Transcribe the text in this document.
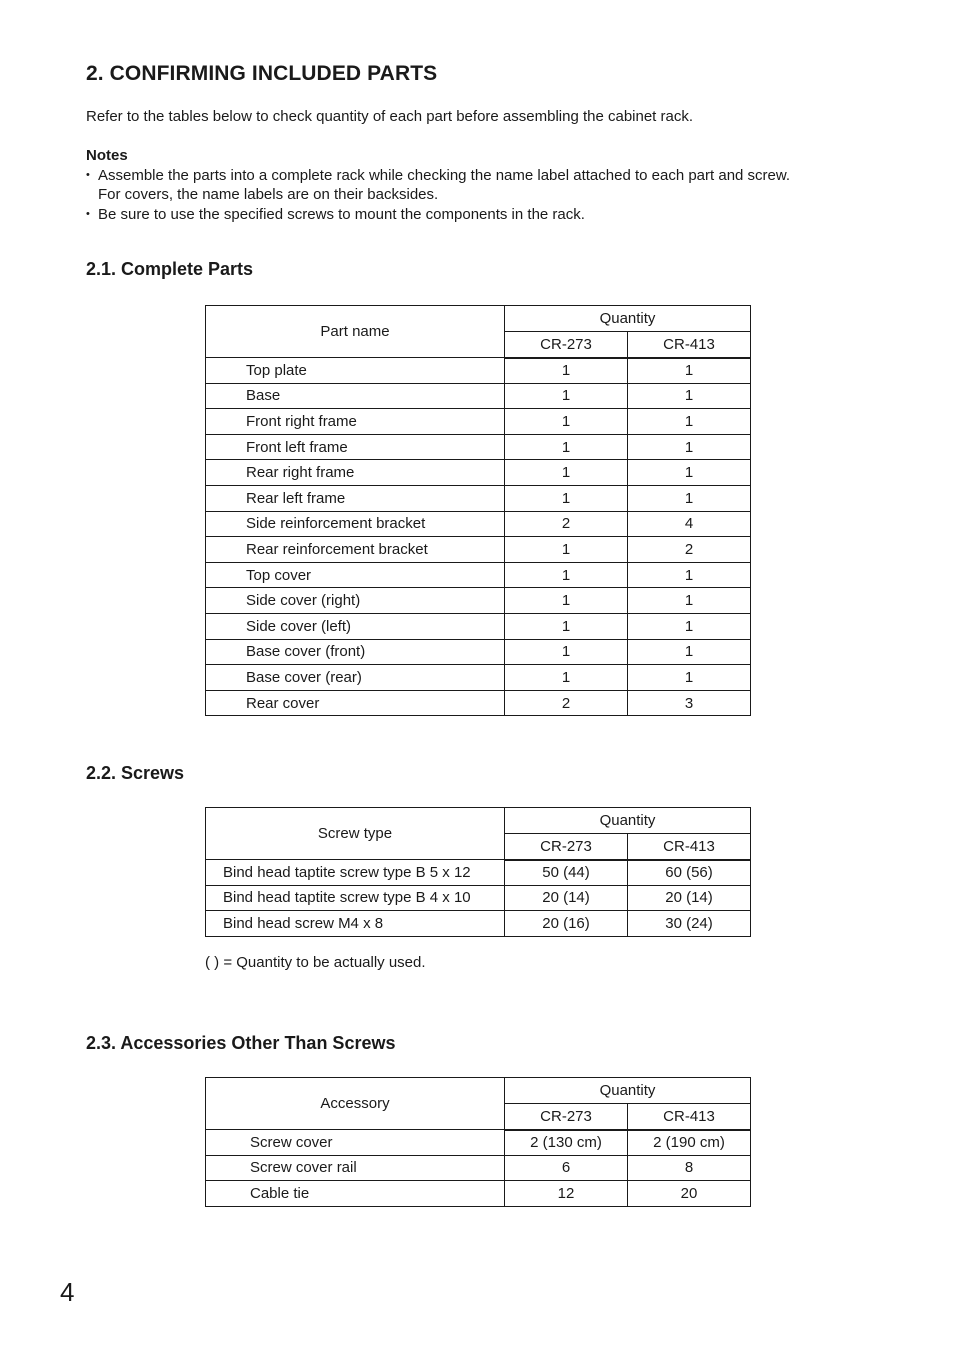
2. CONFIRMING INCLUDED PARTS

Refer to the tables below to check quantity of each part before assembling the cabinet rack.

Notes

• Assemble the parts into a complete rack while checking the name label attached to each part and screw.
For covers, the name labels are on their backsides.
• Be sure to use the specified screws to mount the components in the rack.
2.1. Complete Parts
Part name	Quantity	
	CR-273	CR-413
Top plate	1	1
Base	1	1
Front right frame	1	1
Front left frame	1	1
Rear right frame	1	1
Rear left frame	1	1
Side reinforcement bracket	2	4
Rear reinforcement bracket	1	2
Top cover	1	1
Side cover (right)	1	1
Side cover (left)	1	1
Base cover (front)	1	1
Base cover (rear)	1	1
Rear cover	2	3
2.2. Screws
Screw type	Quantity	
	CR-273	CR-413
Bind head taptite screw type B 5 x 12	50 (44)	60 (56)
Bind head taptite screw type B 4 x 10	20 (14)	20 (14)
Bind head screw M4 x 8	20 (16)	30 (24)

( ) = Quantity to be actually used.

2.3. Accessories Other Than Screws
Accessory	Quantity	
	CR-273	CR-413
Screw cover	2 (130 cm)	2 (190 cm)
Screw cover rail	6	8
Cable tie	12	20

4
